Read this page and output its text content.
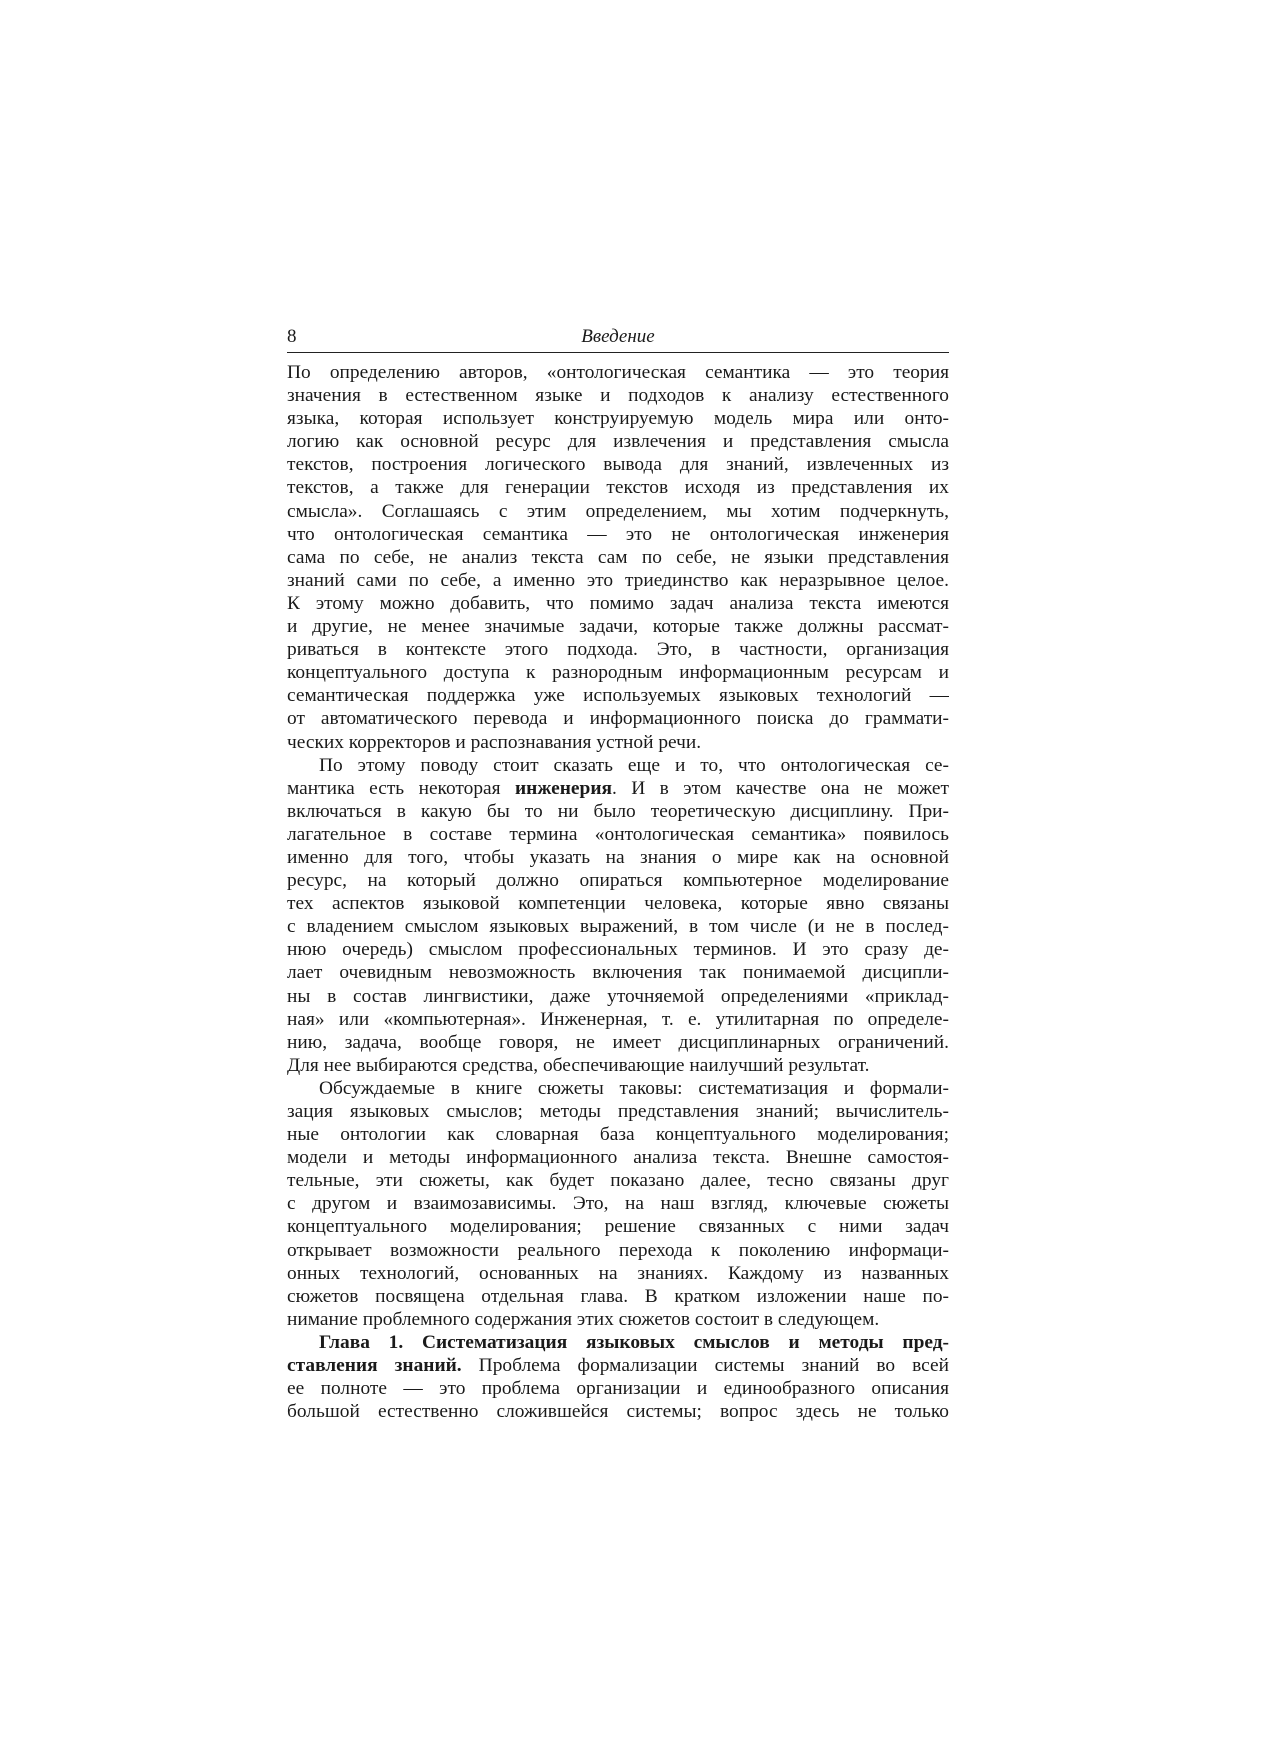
8	Введение
По определению авторов, «онтологическая семантика — это теория
значения в естественном языке и подходов к анализу естественного
языка, которая использует конструируемую модель мира или онто-
логию как основной ресурс для извлечения и представления смысла
текстов, построения логического вывода для знаний, извлеченных из
текстов, а также для генерации текстов исходя из представления их
смысла». Соглашаясь с этим определением, мы хотим подчеркнуть,
что онтологическая семантика — это не онтологическая инженерия
сама по себе, не анализ текста сам по себе, не языки представления
знаний сами по себе, а именно это триединство как неразрывное целое.
К этому можно добавить, что помимо задач анализа текста имеются
и другие, не менее значимые задачи, которые также должны рассмат-
риваться в контексте этого подхода. Это, в частности, организация
концептуального доступа к разнородным информационным ресурсам и
семантическая поддержка уже используемых языковых технологий —
от автоматического перевода и информационного поиска до граммати-
ческих корректоров и распознавания устной речи.
По этому поводу стоит сказать еще и то, что онтологическая се-
мантика есть некоторая инженерия. И в этом качестве она не может
включаться в какую бы то ни было теоретическую дисциплину. При-
лагательное в составе термина «онтологическая семантика» появилось
именно для того, чтобы указать на знания о мире как на основной
ресурс, на который должно опираться компьютерное моделирование
тех аспектов языковой компетенции человека, которые явно связаны
с владением смыслом языковых выражений, в том числе (и не в послед-
нюю очередь) смыслом профессиональных терминов. И это сразу де-
лает очевидным невозможность включения так понимаемой дисципли-
ны в состав лингвистики, даже уточняемой определениями «приклад-
ная» или «компьютерная». Инженерная, т. е. утилитарная по определе-
нию, задача, вообще говоря, не имеет дисциплинарных ограничений.
Для нее выбираются средства, обеспечивающие наилучший результат.
Обсуждаемые в книге сюжеты таковы: систематизация и формали-
зация языковых смыслов; методы представления знаний; вычислитель-
ные онтологии как словарная база концептуального моделирования;
модели и методы информационного анализа текста. Внешне самостоя-
тельные, эти сюжеты, как будет показано далее, тесно связаны друг
с другом и взаимозависимы. Это, на наш взгляд, ключевые сюжеты
концептуального моделирования; решение связанных с ними задач
открывает возможности реального перехода к поколению информаци-
онных технологий, основанных на знаниях. Каждому из названных
сюжетов посвящена отдельная глава. В кратком изложении наше по-
нимание проблемного содержания этих сюжетов состоит в следующем.
Глава 1. Систематизация языковых смыслов и методы пред-
ставления знаний. Проблема формализации системы знаний во всей
ее полноте — это проблема организации и единообразного описания
большой естественно сложившейся системы; вопрос здесь не только
